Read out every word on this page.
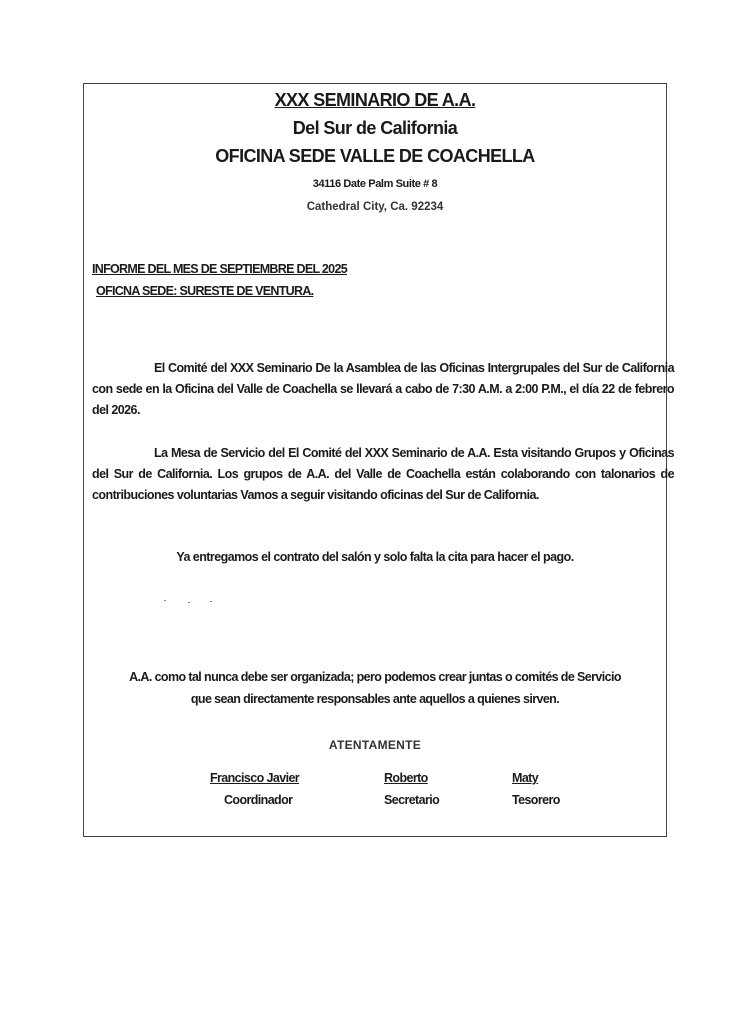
XXX SEMINARIO DE A.A.
Del Sur de California
OFICINA SEDE VALLE DE COACHELLA
34116 Date Palm Suite # 8
Cathedral City, Ca. 92234
INFORME DEL MES DE SEPTIEMBRE DEL 2025
OFICNA SEDE: SURESTE DE VENTURA.
El Comité del XXX Seminario De la Asamblea de las Oficinas Intergrupales del Sur de California con sede en la Oficina del Valle de Coachella se llevará a cabo de 7:30 A.M. a 2:00 P.M., el día 22 de febrero del 2026.
La Mesa de Servicio del El Comité del XXX Seminario de A.A. Esta visitando Grupos y Oficinas del Sur de California. Los grupos de A.A. del Valle de Coachella están colaborando con talonarios de contribuciones voluntarias Vamos a seguir visitando oficinas del Sur de California.
Ya entregamos el contrato del salón y solo falta la cita para hacer el pago.
A.A. como tal nunca debe ser organizada; pero podemos crear juntas o comités de Servicio
que sean directamente responsables ante aquellos a quienes sirven.
ATENTAMENTE
Francisco Javier
Coordinador
Roberto
Secretario
Maty
Tesorero
